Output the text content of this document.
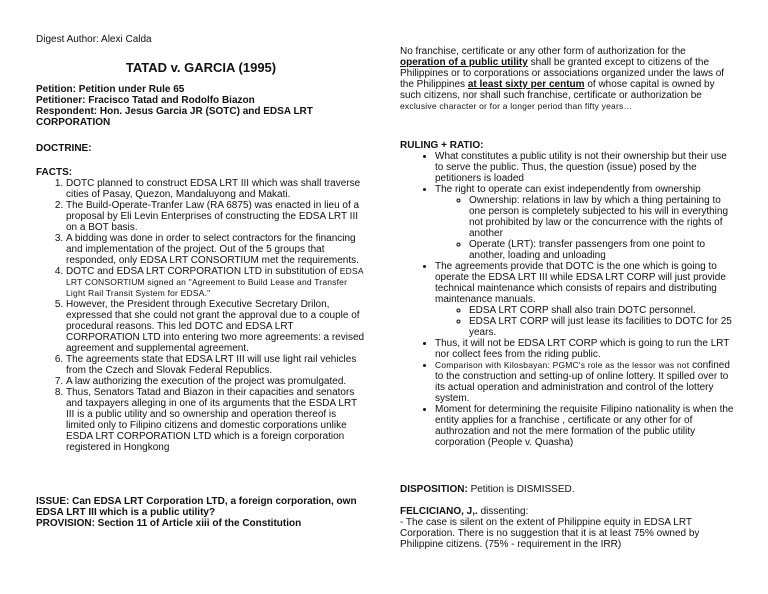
Digest Author: Alexi Calda
TATAD v. GARCIA (1995)
Petition: Petition under Rule 65
Petitioner: Fracisco Tatad and Rodolfo Biazon
Respondent: Hon. Jesus Garcia JR (SOTC) and EDSA LRT CORPORATION
DOCTRINE:
FACTS:
1. DOTC planned to construct EDSA LRT III which was shall traverse cities of Pasay, Quezon, Mandaluyong and Makati.
2. The Build-Operate-Tranfer Law (RA 6875) was enacted in lieu of a proposal by Eli Levin Enterprises of constructing the EDSA LRT III on a BOT basis.
3. A bidding was done in order to select contractors for the financing and implementation of the project. Out of the 5 groups that responded, only EDSA LRT CONSORTIUM met the requirements.
4. DOTC and EDSA LRT CORPORATION LTD in substitution of EDSA LRT CONSORTIUM signed an "Agreement to Build Lease and Transfer Light Rail Transit System for EDSA."
5. However, the President through Executive Secretary Drilon, expressed that she could not grant the approval due to a couple of procedural reasons. This led DOTC and EDSA LRT CORPORATION LTD into entering two more agreements: a revised agreement and supplemental agreement.
6. The agreements state that EDSA LRT III will use light rail vehicles from the Czech and Slovak Federal Republics.
7. A law authorizing the execution of the project was promulgated.
8. Thus, Senators Tatad and Biazon in their capacities and senators and taxpayers alleging in one of its arguments that the ESDA LRT III is a public utility and so ownership and operation thereof is limited only to Filipino citizens and domestic corporations unlike ESDA LRT CORPORATION LTD which is a foreign corporation registered in Hongkong
ISSUE: Can EDSA LRT Corporation LTD, a foreign corporation, own EDSA LRT III which is a public utility?
PROVISION: Section 11 of Article xiii of the Constitution
No franchise, certificate or any other form of authorization for the operation of a public utility shall be granted except to citizens of the Philippines or to corporations or associations organized under the laws of the Philippines at least sixty per centum of whose capital is owned by such citizens, nor shall such franchise, certificate or authorization be exclusive character or for a longer period than fifty years…
RULING + RATIO:
• What constitutes a public utility is not their ownership but their use to serve the public. Thus, the question (issue) posed by the petitioners is loaded
• The right to operate can exist independently from ownership
◦ Ownership: relations in law by which a thing pertaining to one person is completely subjected to his will in everything not prohibited by law or the concurrence with the rights of another
◦ Operate (LRT): transfer passengers from one point to another, loading and unloading
• The agreements provide that DOTC is the one which is going to operate the EDSA LRT III while EDSA LRT CORP will just provide technical maintenance which consists of repairs and distributing maintenance manuals.
◦ EDSA LRT CORP shall also train DOTC personnel.
◦ EDSA LRT CORP will just lease its facilities to DOTC for 25 years.
• Thus, it will not be EDSA LRT CORP which is going to run the LRT nor collect fees from the riding public.
• Comparison with Kilosbayan: PGMC's role as the lessor was not confined to the construction and setting-up of online lottery. It spilled over to its actual operation and administration and control of the lottery system.
• Moment for determining the requisite Filipino nationality is when the entity applies for a franchise , certificate or any other for of authrozation and not the mere formation of the public utility corporation (People v. Quasha)
DISPOSITION: Petition is DISMISSED.
FELCICIANO, J,. dissenting:
- The case is silent on the extent of Philippine equity in EDSA LRT Corporation. There is no suggestion that it is at least 75% owned by Philippine citizens. (75% - requirement in the IRR)
